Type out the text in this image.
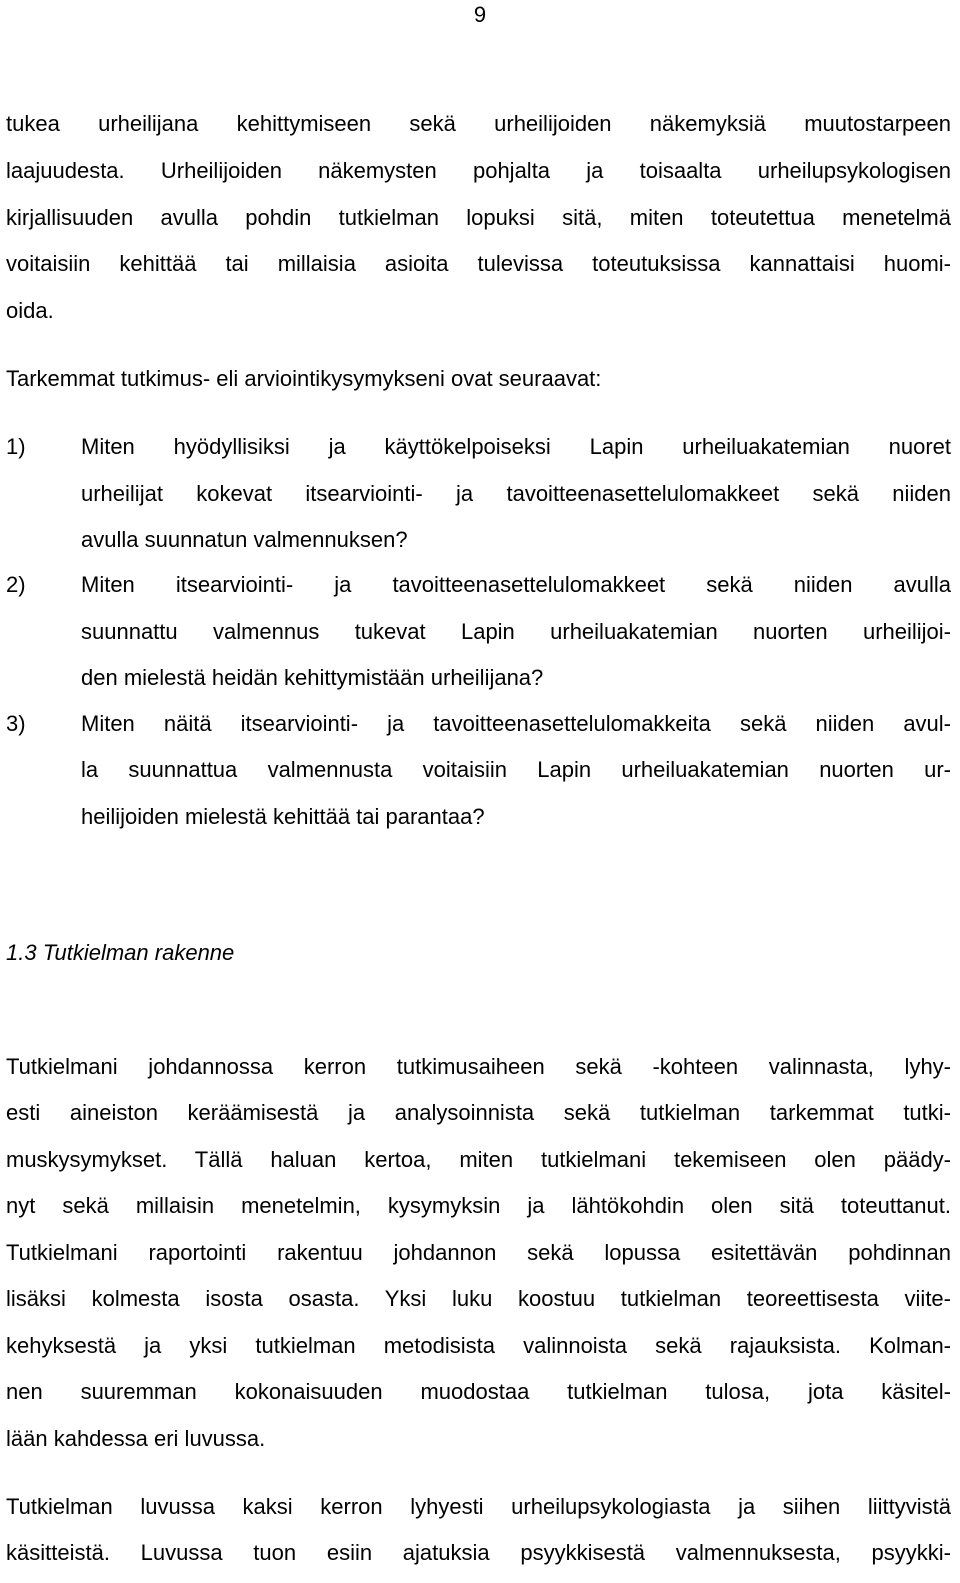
9
tukea urheilijana kehittymiseen sekä urheilijoiden näkemyksiä muutostarpeen
laajuudesta. Urheilijoiden näkemysten pohjalta ja toisaalta urheilupsykologisen
kirjallisuuden avulla pohdin tutkielman lopuksi sitä, miten toteutettua menetelmä
voitaisiin kehittää tai millaisia asioita tulevissa toteutuksissa kannattaisi huomi-
oida.
Tarkemmat tutkimus- eli arviointikysymykseni ovat seuraavat:
1)	Miten hyödyllisiksi ja käyttökelpoiseksi Lapin urheiluakatemian nuoret
urheilijat kokevat itsearviointi- ja tavoitteenasettelulomakkeet sekä niiden
avulla suunnatun valmennuksen?
2)	Miten itsearviointi- ja tavoitteenasettelulomakkeet sekä niiden avulla
suunnattu valmennus tukevat Lapin urheiluakatemian nuorten urheilijoi-
den mielestä heidän kehittymistään urheilijana?
3)	Miten näitä itsearviointi- ja tavoitteenasettelulomakkeita sekä niiden avul-
la suunnattua valmennusta voitaisiin Lapin urheiluakatemian nuorten ur-
heilijoiden mielestä kehittää tai parantaa?
1.3 Tutkielman rakenne
Tutkielmani johdannossa kerron tutkimusaiheen sekä -kohteen valinnasta, lyhy-
esti aineiston keräämisestä ja analysoinnista sekä tutkielman tarkemmat tutki-
muskysymykset. Tällä haluan kertoa, miten tutkielmani tekemiseen olen päädy-
nyt sekä millaisin menetelmin, kysymyksin ja lähtökohdin olen sitä toteuttanut.
Tutkielmani raportointi rakentuu johdannon sekä lopussa esitettävän pohdinnan
lisäksi kolmesta isosta osasta. Yksi luku koostuu tutkielman teoreettisesta viite-
kehyksestä ja yksi tutkielman metodisista valinnoista sekä rajauksista. Kolman-
nen suuremman kokonaisuuden muodostaa tutkielman tulosa, jota käsitel-
lään kahdessa eri luvussa.
Tutkielman luvussa kaksi kerron lyhyesti urheilupsykologiasta ja siihen liittyvistä
käsitteistä. Luvussa tuon esiin ajatuksia psyykkisestä valmennuksesta, psyykki-
